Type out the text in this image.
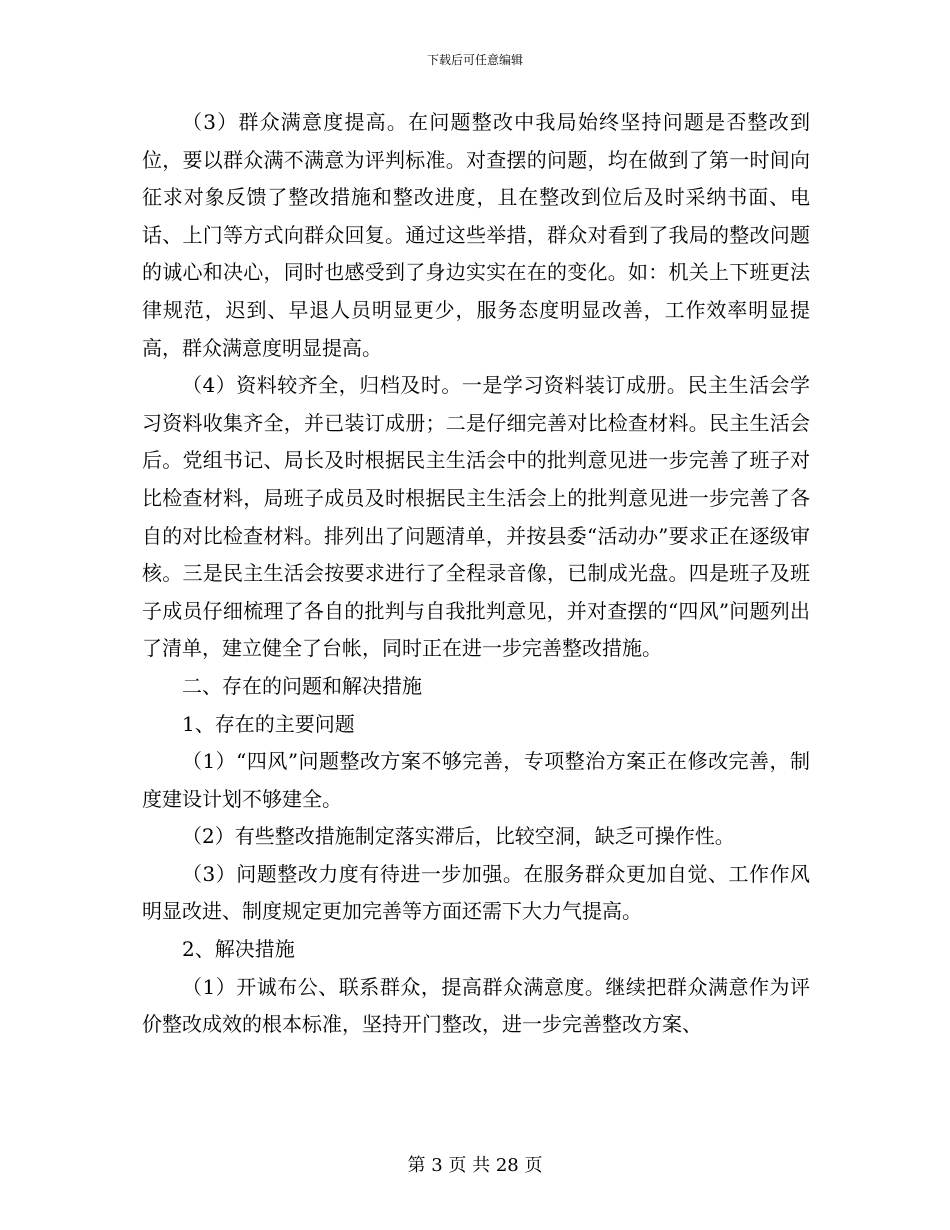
下载后可任意编辑

（3）群众满意度提高。在问题整改中我局始终坚持问题是否整改到位，要以群众满不满意为评判标准。对查摆的问题，均在做到了第一时间向征求对象反馈了整改措施和整改进度，且在整改到位后及时采纳书面、电话、上门等方式向群众回复。通过这些举措，群众对看到了我局的整改问题的诚心和决心，同时也感受到了身边实实在在的变化。如：机关上下班更法律规范，迟到、早退人员明显更少，服务态度明显改善，工作效率明显提高，群众满意度明显提高。

（4）资料较齐全，归档及时。一是学习资料装订成册。民主生活会学习资料收集齐全，并已装订成册；二是仔细完善对比检查材料。民主生活会后。党组书记、局长及时根据民主生活会中的批判意见进一步完善了班子对比检查材料，局班子成员及时根据民主生活会上的批判意见进一步完善了各自的对比检查材料。排列出了问题清单，并按县委“活动办”要求正在逐级审核。三是民主生活会按要求进行了全程录音像，已制成光盘。四是班子及班子成员仔细梳理了各自的批判与自我批判意见，并对查摆的“四风”问题列出了清单，建立健全了台帐，同时正在进一步完善整改措施。

二、存在的问题和解决措施

1、存在的主要问题

（1）“四风”问题整改方案不够完善，专项整治方案正在修改完善，制度建设计划不够建全。

（2）有些整改措施制定落实滞后，比较空洞，缺乏可操作性。

（3）问题整改力度有待进一步加强。在服务群众更加自觉、工作作风明显改进、制度规定更加完善等方面还需下大力气提高。

2、解决措施

（1）开诚布公、联系群众，提高群众满意度。继续把群众满意作为评价整改成效的根本标准，坚持开门整改，进一步完善整改方案、

第 3 页 共 28 页
